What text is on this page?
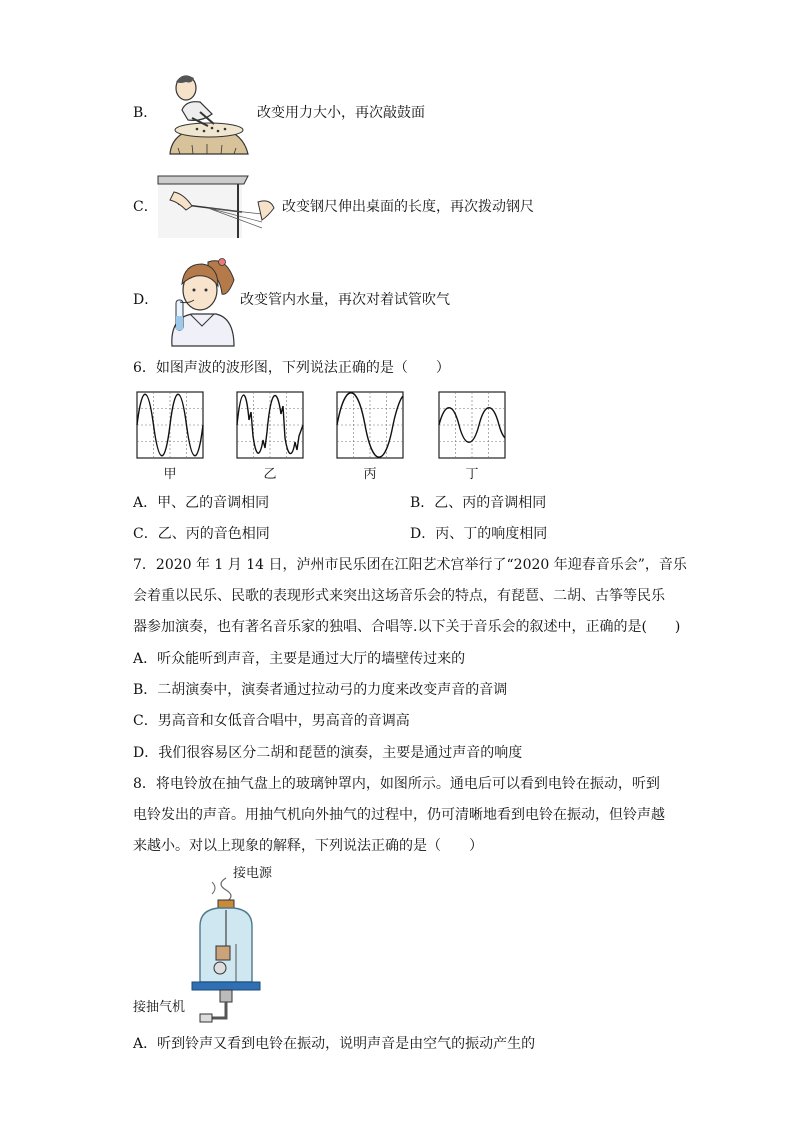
B．	改变用力大小，再次敲鼓面
C．	改变钢尺伸出桌面的长度，再次拨动钢尺
D．	改变管内水量，再次对着试管吹气
6．如图声波的波形图，下列说法正确的是（　　）
甲	乙	丙	丁
A．甲、乙的音调相同	B．乙、丙的音调相同
C．乙、丙的音色相同	D．丙、丁的响度相同
7．2020 年 1 月 14 日，泸州市民乐团在江阳艺术宫举行了“2020 年迎春音乐会”，音乐
会着重以民乐、民歌的表现形式来突出这场音乐会的特点，有琵琶、二胡、古筝等民乐
器参加演奏，也有著名音乐家的独唱、合唱等.以下关于音乐会的叙述中，正确的是(　　)
A．听众能听到声音，主要是通过大厅的墙壁传过来的
B．二胡演奏中，演奏者通过拉动弓的力度来改变声音的音调
C．男高音和女低音合唱中，男高音的音调高
D．我们很容易区分二胡和琵琶的演奏，主要是通过声音的响度
8．将电铃放在抽气盘上的玻璃钟罩内，如图所示。通电后可以看到电铃在振动，听到
电铃发出的声音。用抽气机向外抽气的过程中，仍可清晰地看到电铃在振动，但铃声越
来越小。对以上现象的解释，下列说法正确的是（　　）
接电源
接抽气机
A．听到铃声又看到电铃在振动，说明声音是由空气的振动产生的
